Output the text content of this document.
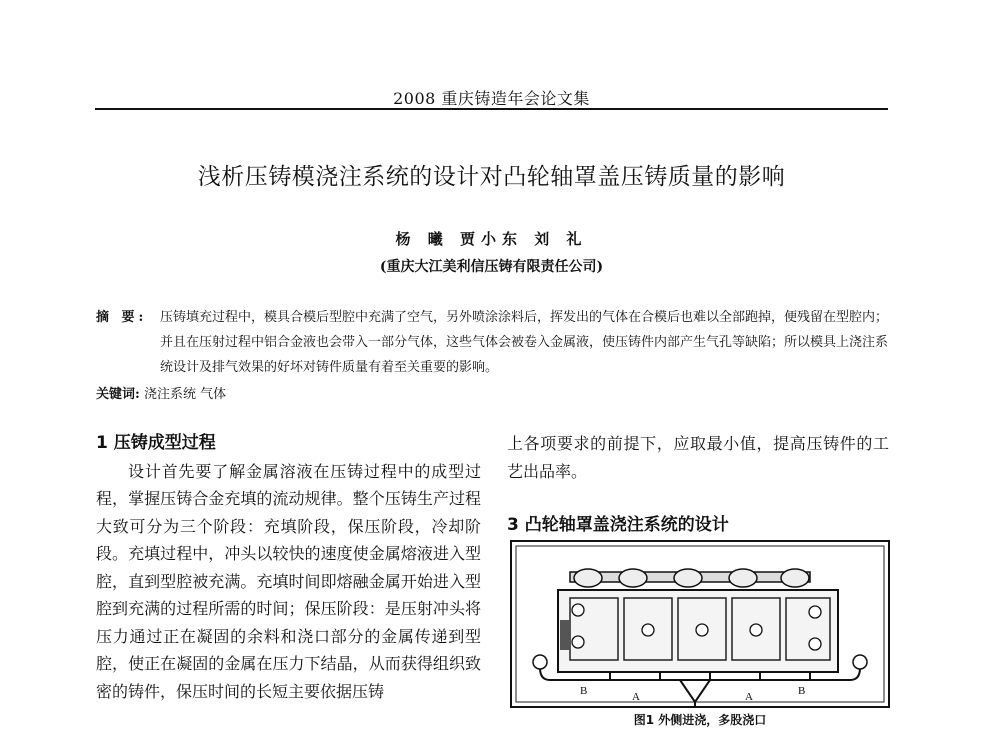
2008 重庆铸造年会论文集
浅析压铸模浇注系统的设计对凸轮轴罩盖压铸质量的影响
杨 曦 贾小东 刘 礼
(重庆大江美利信压铸有限责任公司)
摘 要: 压铸填充过程中，模具合模后型腔中充满了空气，另外喷涂涂料后，挥发出的气体在合模后也难以全部跑掉，便残留在型腔内；并且在压射过程中铝合金液也会带入一部分气体，这些气体会被卷入金属液，使压铸件内部产生气孔等缺陷；所以模具上浇注系统设计及排气效果的好坏对铸件质量有着至关重要的影响。
关键词: 浇注系统 气体
1 压铸成型过程

设计首先要了解金属溶液在压铸过程中的成型过程，掌握压铸合金充填的流动规律。整个压铸生产过程大致可分为三个阶段：充填阶段，保压阶段，冷却阶段。充填过程中，冲头以较快的速度使金属熔液进入型腔，直到型腔被充满。充填时间即熔融金属开始进入型腔到充满的过程所需的时间；保压阶段：是压射冲头将压力通过正在凝固的余料和浇口部分的金属传递到型腔，使正在凝固的金属在压力下结晶，从而获得组织致密的铸件，保压时间的长短主要依据压铸

上各项要求的前提下，应取最小值，提高压铸件的工艺出品率。

3 凸轮轴罩盖浇注系统的设计
B	A	A	B
图1 外侧进浇，多股浇口
